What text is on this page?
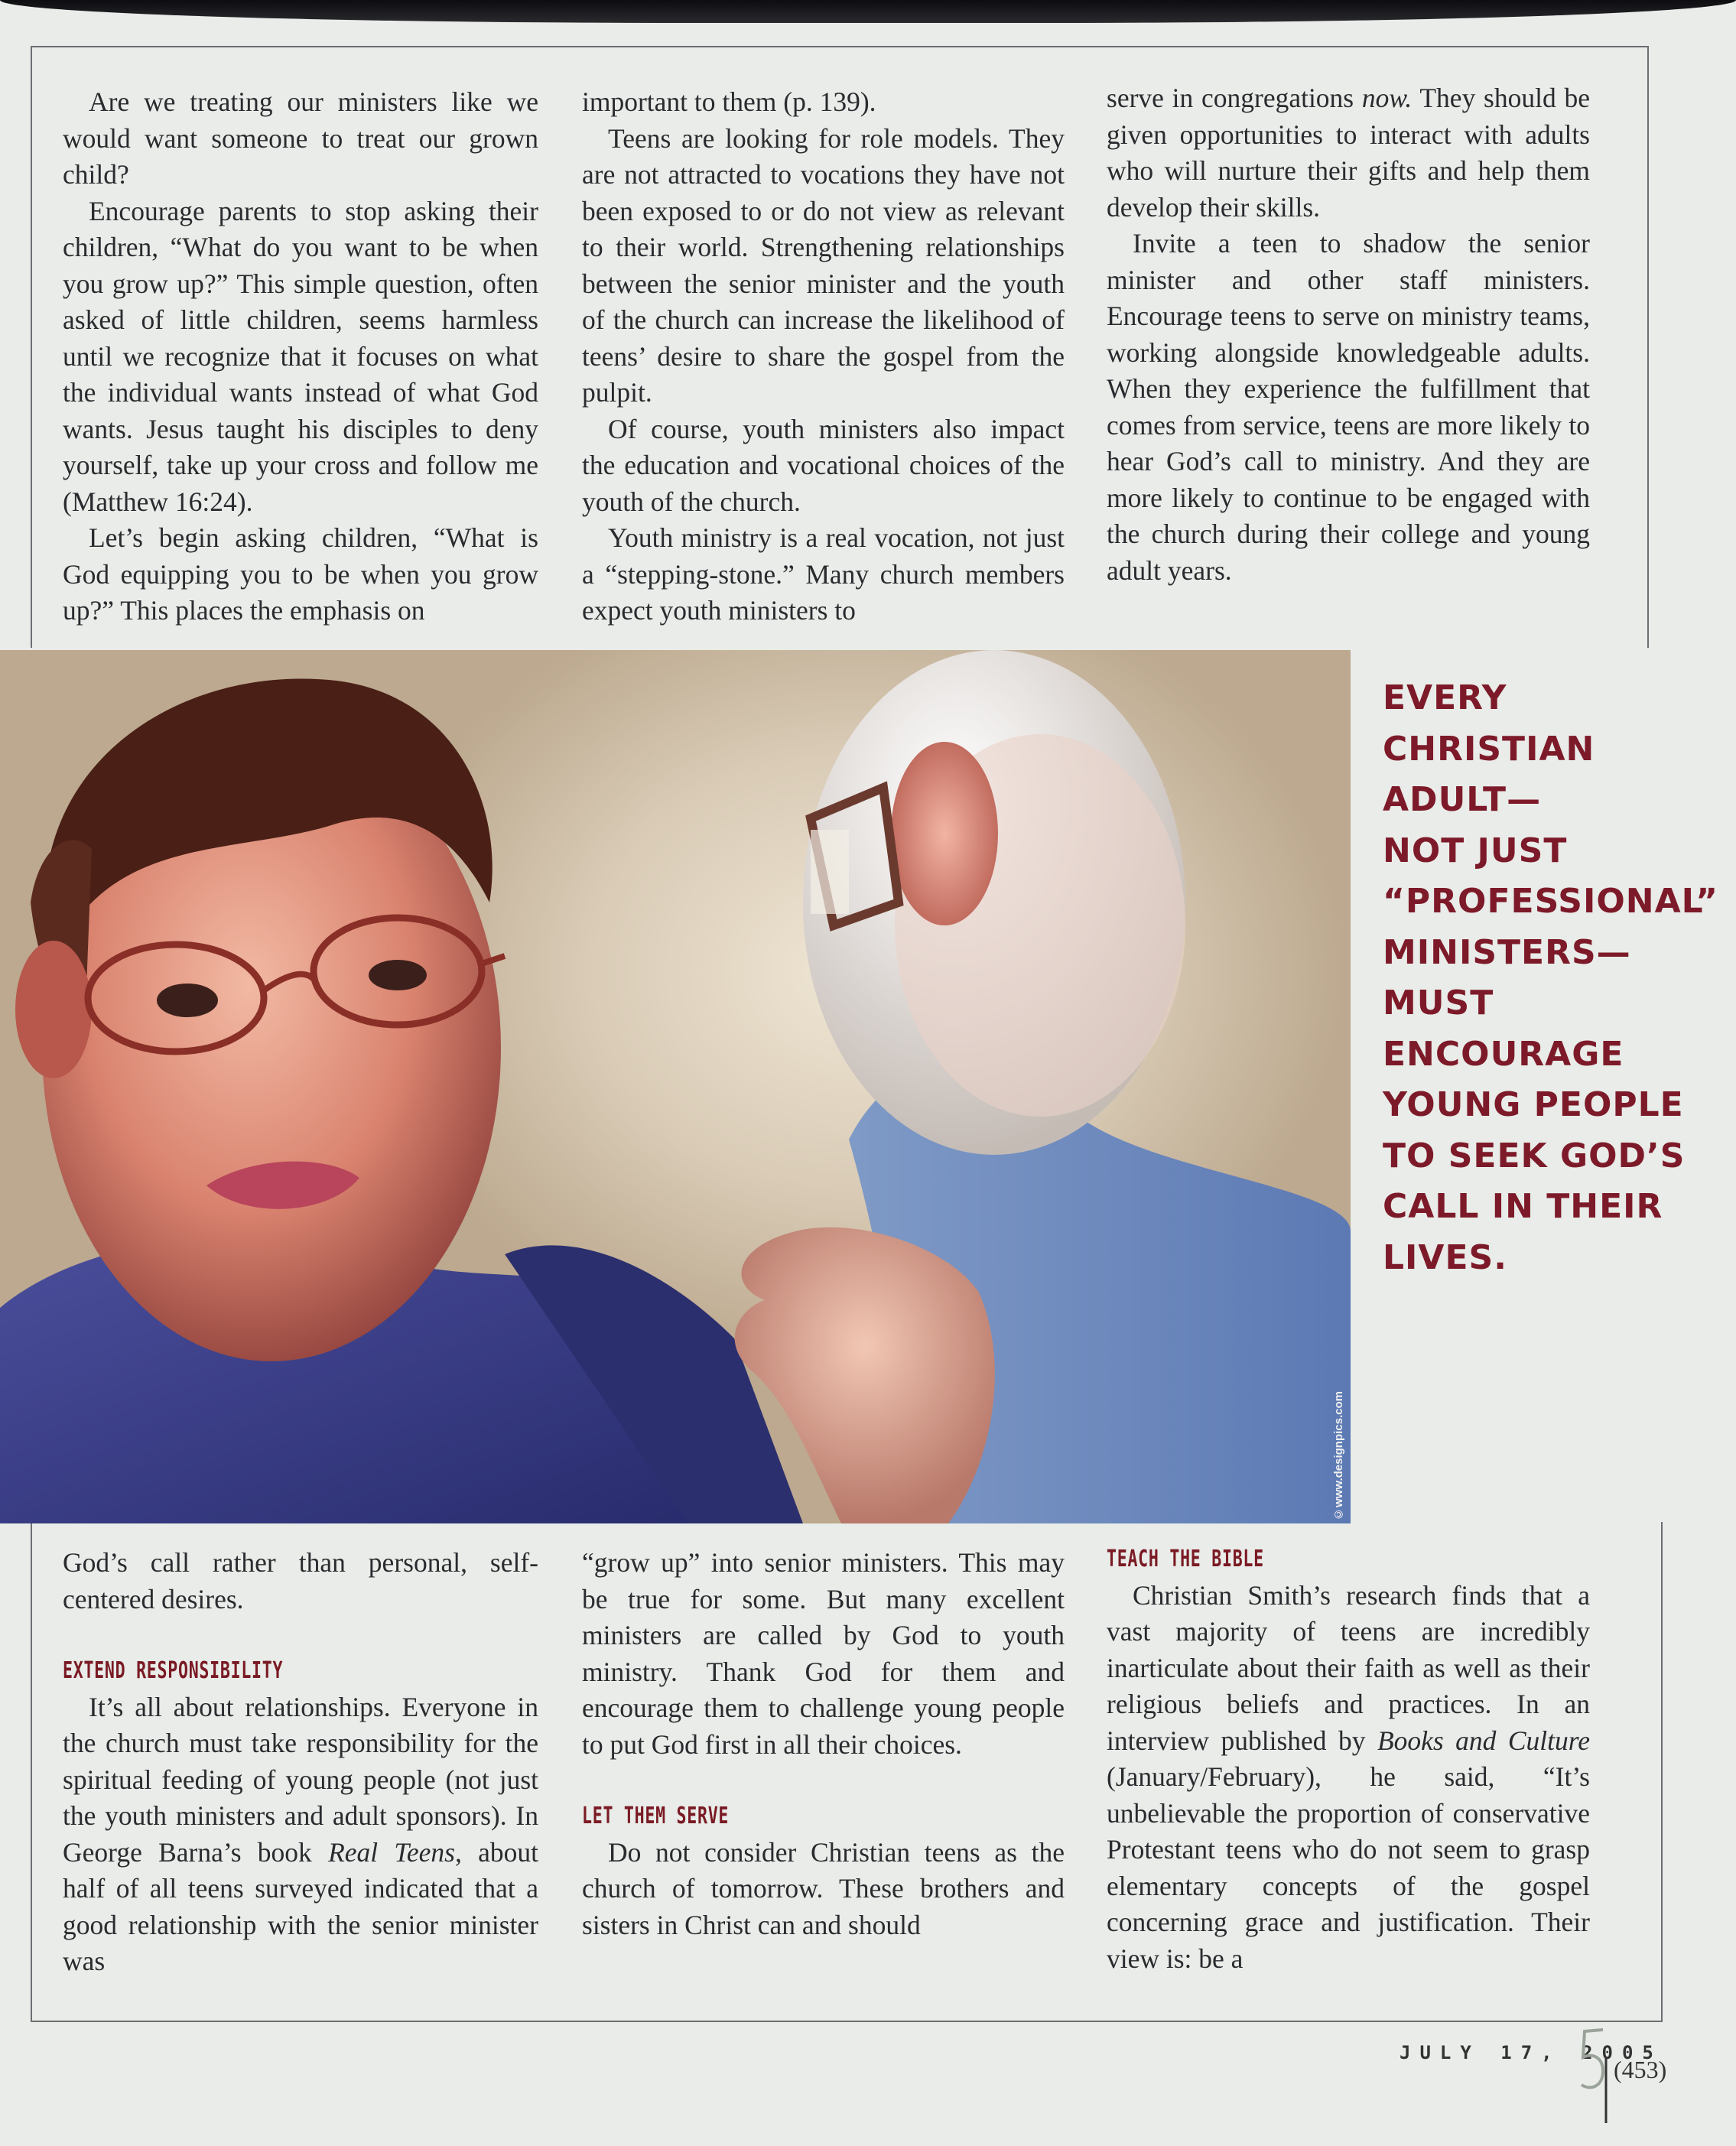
Are we treating our ministers like we would want someone to treat our grown child?

Encourage parents to stop asking their children, “What do you want to be when you grow up?” This simple question, often asked of little children, seems harmless until we recognize that it focuses on what the individual wants instead of what God wants. Jesus taught his disciples to deny yourself, take up your cross and follow me (Matthew 16:24).

Let’s begin asking children, “What is God equipping you to be when you grow up?” This places the emphasis on

important to them (p. 139).

Teens are looking for role models. They are not attracted to vocations they have not been exposed to or do not view as relevant to their world. Strengthening relationships between the senior minister and the youth of the church can increase the likelihood of teens’ desire to share the gospel from the pulpit.

Of course, youth ministers also impact the education and vocational choices of the youth of the church.

Youth ministry is a real vocation, not just a “stepping-stone.” Many church members expect youth ministers to

serve in congregations now. They should be given opportunities to interact with adults who will nurture their gifts and help them develop their skills.

Invite a teen to shadow the senior minister and other staff ministers. Encourage teens to serve on ministry teams, working alongside knowledgeable adults. When they experience the fulfillment that comes from service, teens are more likely to hear God’s call to ministry. And they are more likely to continue to be engaged with the church during their college and young adult years.

©www.designpics.com
EVERY
CHRISTIAN
ADULT—
NOT JUST
“PROFESSIONAL”
MINISTERS—
MUST
ENCOURAGE
YOUNG PEOPLE
TO SEEK GOD’S
CALL IN THEIR
LIVES.

God’s call rather than personal, self-centered desires.

EXTEND RESPONSIBILITY

It’s all about relationships. Everyone in the church must take responsibility for the spiritual feeding of young people (not just the youth ministers and adult sponsors). In George Barna’s book Real Teens, about half of all teens surveyed indicated that a good relationship with the senior minister was

“grow up” into senior ministers. This may be true for some. But many excellent ministers are called by God to youth ministry. Thank God for them and encourage them to challenge young people to put God first in all their choices.

LET THEM SERVE

Do not consider Christian teens as the church of tomorrow. These brothers and sisters in Christ can and should

TEACH THE BIBLE

Christian Smith’s research finds that a vast majority of teens are incredibly inarticulate about their faith as well as their religious beliefs and practices. In an interview published by Books and Culture (January/February), he said, “It’s unbelievable the proportion of conservative Protestant teens who do not seem to grasp elementary concepts of the gospel concerning grace and justification. Their view is: be a

JULY 17, 2005
(453)
